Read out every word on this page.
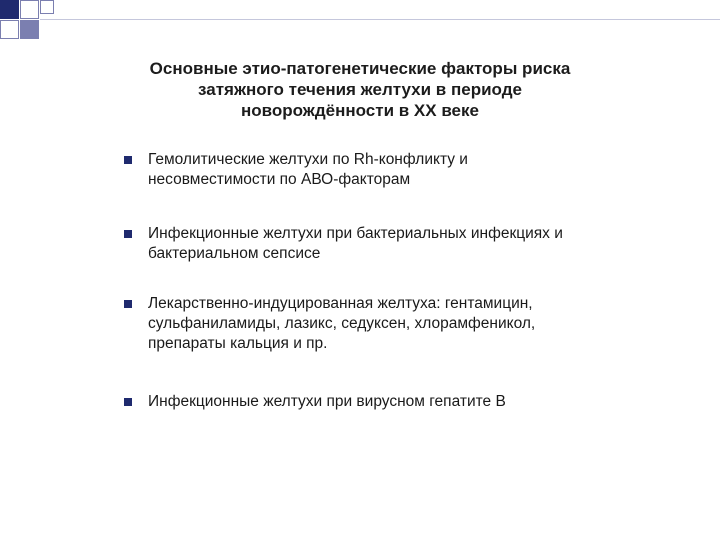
Основные этио-патогенетические факторы риска
затяжного течения желтухи в периоде
новорождённости в XX веке
Гемолитические желтухи по Rh-конфликту и
несовместимости по АВО-факторам
Инфекционные желтухи при бактериальных инфекциях и
бактериальном сепсисе
Лекарственно-индуцированная желтуха: гентамицин,
сульфаниламиды, лазикс, седуксен, хлорамфеникол,
препараты кальция и пр.
Инфекционные желтухи при вирусном гепатите В
